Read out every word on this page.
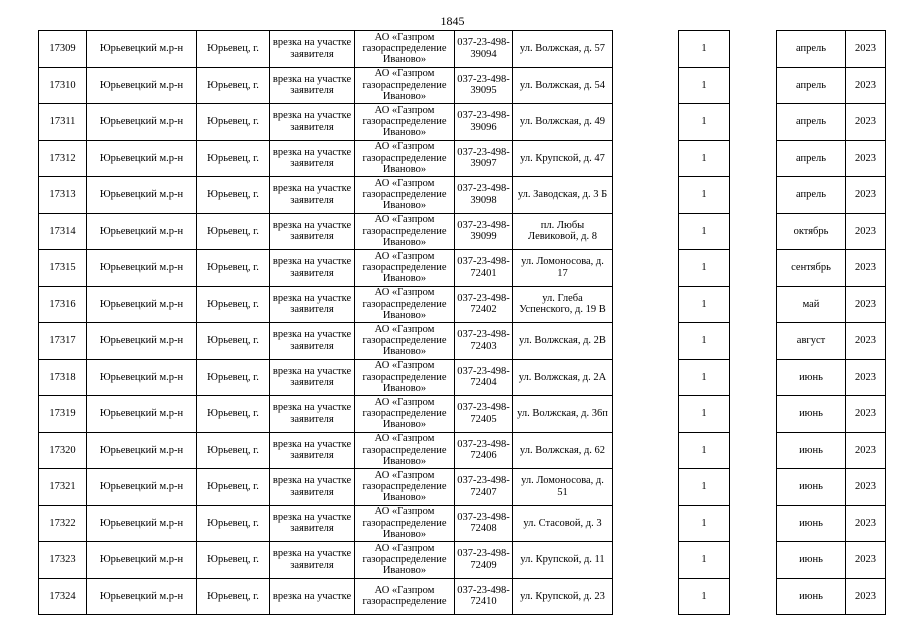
1845
17309	Юрьевецкий м.р-н	Юрьевец, г.	врезка на участке заявителя	АО «Газпром газораспределение Иваново»	037-23-498-39094	ул. Волжская, д. 57		1		апрель	2023
17310	Юрьевецкий м.р-н	Юрьевец, г.	врезка на участке заявителя	АО «Газпром газораспределение Иваново»	037-23-498-39095	ул. Волжская, д. 54		1		апрель	2023
17311	Юрьевецкий м.р-н	Юрьевец, г.	врезка на участке заявителя	АО «Газпром газораспределение Иваново»	037-23-498-39096	ул. Волжская, д. 49		1		апрель	2023
17312	Юрьевецкий м.р-н	Юрьевец, г.	врезка на участке заявителя	АО «Газпром газораспределение Иваново»	037-23-498-39097	ул. Крупской, д. 47		1		апрель	2023
17313	Юрьевецкий м.р-н	Юрьевец, г.	врезка на участке заявителя	АО «Газпром газораспределение Иваново»	037-23-498-39098	ул. Заводская, д. 3 Б		1		апрель	2023
17314	Юрьевецкий м.р-н	Юрьевец, г.	врезка на участке заявителя	АО «Газпром газораспределение Иваново»	037-23-498-39099	пл. Любы Левиковой, д. 8		1		октябрь	2023
17315	Юрьевецкий м.р-н	Юрьевец, г.	врезка на участке заявителя	АО «Газпром газораспределение Иваново»	037-23-498-72401	ул. Ломоносова, д. 17		1		сентябрь	2023
17316	Юрьевецкий м.р-н	Юрьевец, г.	врезка на участке заявителя	АО «Газпром газораспределение Иваново»	037-23-498-72402	ул. Глеба Успенского, д. 19 В		1		май	2023
17317	Юрьевецкий м.р-н	Юрьевец, г.	врезка на участке заявителя	АО «Газпром газораспределение Иваново»	037-23-498-72403	ул. Волжская, д. 2В		1		август	2023
17318	Юрьевецкий м.р-н	Юрьевец, г.	врезка на участке заявителя	АО «Газпром газораспределение Иваново»	037-23-498-72404	ул. Волжская, д. 2А		1		июнь	2023
17319	Юрьевецкий м.р-н	Юрьевец, г.	врезка на участке заявителя	АО «Газпром газораспределение Иваново»	037-23-498-72405	ул. Волжская, д. 36п		1		июнь	2023
17320	Юрьевецкий м.р-н	Юрьевец, г.	врезка на участке заявителя	АО «Газпром газораспределение Иваново»	037-23-498-72406	ул. Волжская, д. 62		1		июнь	2023
17321	Юрьевецкий м.р-н	Юрьевец, г.	врезка на участке заявителя	АО «Газпром газораспределение Иваново»	037-23-498-72407	ул. Ломоносова, д. 51		1		июнь	2023
17322	Юрьевецкий м.р-н	Юрьевец, г.	врезка на участке заявителя	АО «Газпром газораспределение Иваново»	037-23-498-72408	ул. Стасовой, д. 3		1		июнь	2023
17323	Юрьевецкий м.р-н	Юрьевец, г.	врезка на участке заявителя	АО «Газпром газораспределение Иваново»	037-23-498-72409	ул. Крупской, д. 11		1		июнь	2023
17324	Юрьевецкий м.р-н	Юрьевец, г.	врезка на участке	АО «Газпром газораспределение	037-23-498-72410	ул. Крупской, д. 23		1		июнь	2023
